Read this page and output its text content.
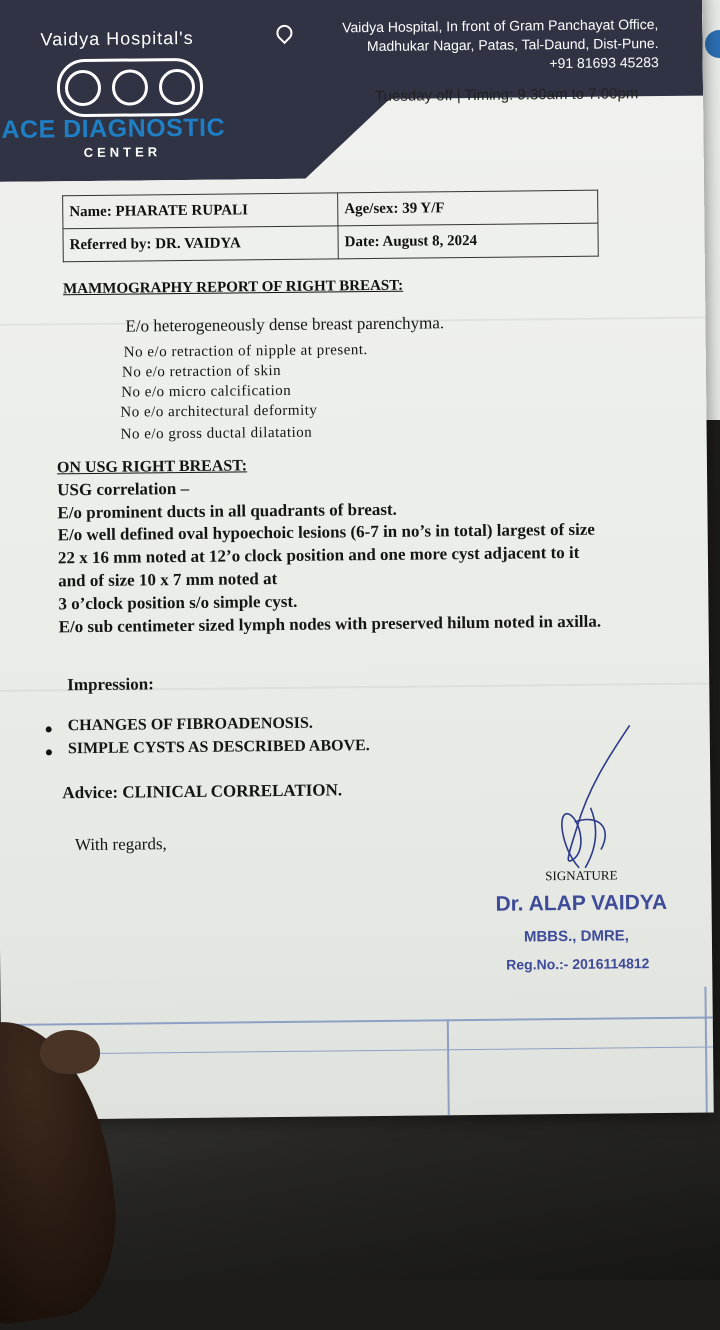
Vaidya Hospital's
ACE DIAGNOSTIC
CENTER
Vaidya Hospital, In front of Gram Panchayat Office,
Madhukar Nagar, Patas, Tal-Daund, Dist-Pune.
+91 81693 45283
Tuesday off | Timing: 9.30am to 7.00pm
Name: PHARATE RUPALI	Age/sex: 39 Y/F
Referred by: DR. VAIDYA	Date: August 8, 2024
MAMMOGRAPHY REPORT OF RIGHT BREAST:
E/o heterogeneously dense breast parenchyma.
No e/o retraction of nipple at present.
No e/o retraction of skin
No e/o micro calcification
No e/o architectural deformity
No e/o gross ductal dilatation
ON USG RIGHT BREAST:
USG correlation –
E/o prominent ducts in all quadrants of breast.
E/o well defined oval hypoechoic lesions (6-7 in no’s in total) largest of size
22 x 16 mm noted at 12’o clock position and one more cyst adjacent to it
and of size 10 x 7 mm noted at
3 o’clock position s/o simple cyst.
E/o sub centimeter sized lymph nodes with preserved hilum noted in axilla.
Impression:
CHANGES OF FIBROADENOSIS.
SIMPLE CYSTS AS DESCRIBED ABOVE.
Advice: CLINICAL CORRELATION.
With regards,
SIGNATURE
Dr. ALAP VAIDYA
MBBS., DMRE,
Reg.No.:- 2016114812
